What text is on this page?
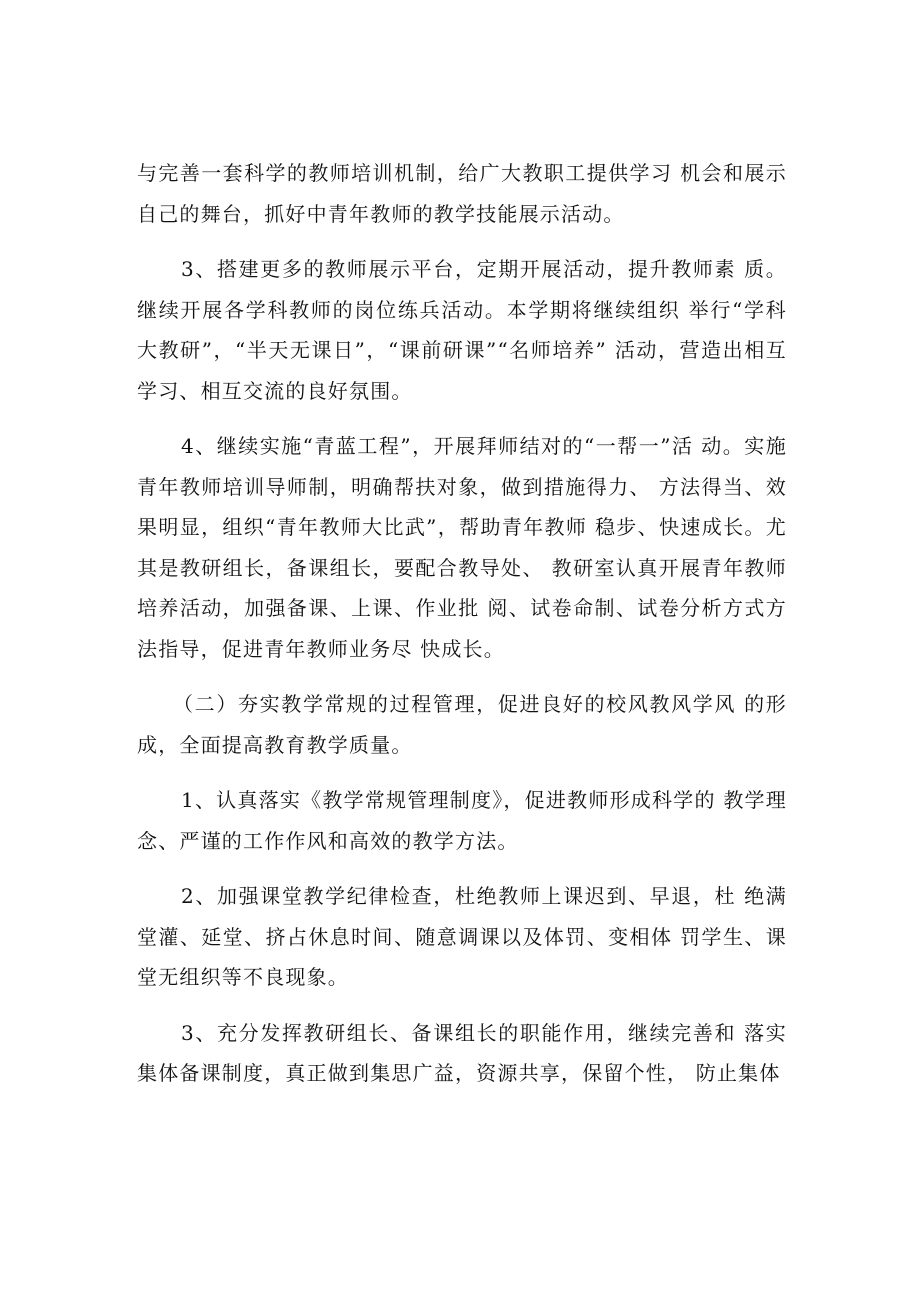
与完善一套科学的教师培训机制，给广大教职工提供学习 机会和展示自己的舞台，抓好中青年教师的教学技能展示活动。

3、搭建更多的教师展示平台，定期开展活动，提升教师素 质。继续开展各学科教师的岗位练兵活动。本学期将继续组织 举行“学科大教研”，“半天无课日”，“课前研课”“名师培养” 活动，营造出相互学习、相互交流的良好氛围。

4、继续实施“青蓝工程”，开展拜师结对的“一帮一”活 动。实施青年教师培训导师制，明确帮扶对象，做到措施得力、 方法得当、效果明显，组织“青年教师大比武”，帮助青年教师 稳步、快速成长。尤其是教研组长，备课组长，要配合教导处、 教研室认真开展青年教师培养活动，加强备课、上课、作业批 阅、试卷命制、试卷分析方式方法指导，促进青年教师业务尽 快成长。

（二）夯实教学常规的过程管理，促进良好的校风教风学风 的形成，全面提高教育教学质量。

1、认真落实《教学常规管理制度》，促进教师形成科学的 教学理念、严谨的工作作风和高效的教学方法。

2、加强课堂教学纪律检查，杜绝教师上课迟到、早退，杜 绝满堂灌、延堂、挤占休息时间、随意调课以及体罚、变相体 罚学生、课堂无组织等不良现象。

3、充分发挥教研组长、备课组长的职能作用，继续完善和 落实集体备课制度，真正做到集思广益，资源共享，保留个性， 防止集体
